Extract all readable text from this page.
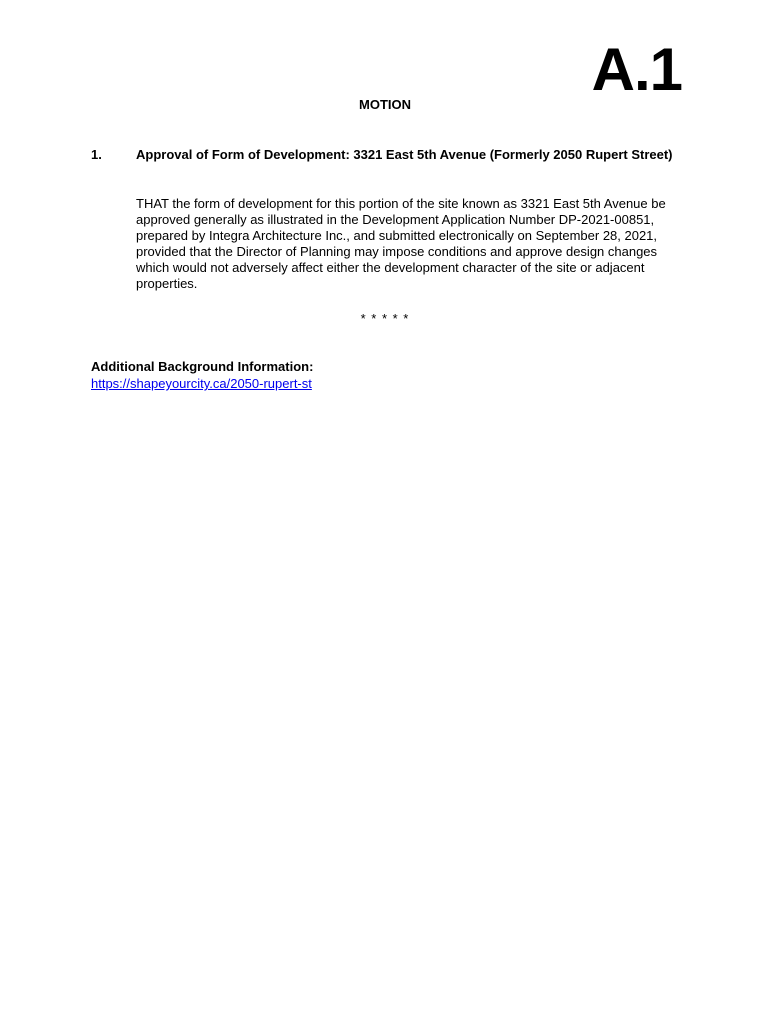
A.1
MOTION
1.	Approval of Form of Development: 3321 East 5th Avenue (Formerly 2050 Rupert Street)
THAT the form of development for this portion of the site known as 3321 East 5th Avenue be approved generally as illustrated in the Development Application Number DP-2021-00851, prepared by Integra Architecture Inc., and submitted electronically on September 28, 2021, provided that the Director of Planning may impose conditions and approve design changes which would not adversely affect either the development character of the site or adjacent properties.
* * * * *
Additional Background Information:
https://shapeyourcity.ca/2050-rupert-st
